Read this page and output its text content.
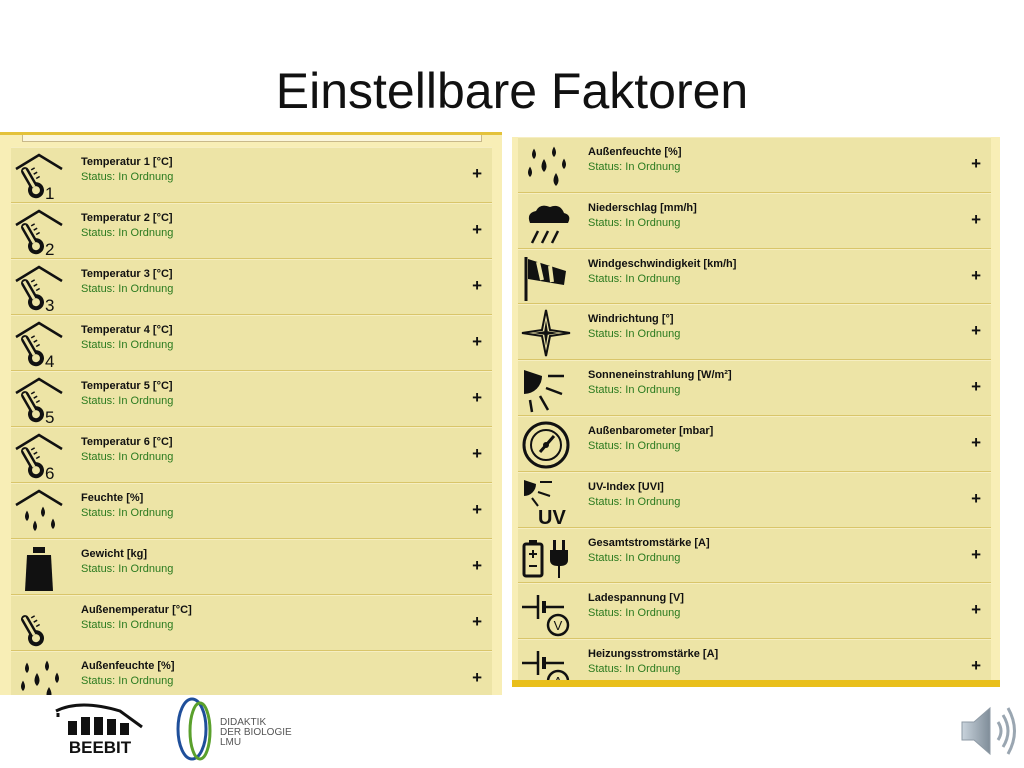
Einstellbare Faktoren
1
Temperatur 1 [°C]
Status: In Ordnung	+
2
Temperatur 2 [°C]
Status: In Ordnung	+
3
Temperatur 3 [°C]
Status: In Ordnung	+
4
Temperatur 4 [°C]
Status: In Ordnung	+
5
Temperatur 5 [°C]
Status: In Ordnung	+
6
Temperatur 6 [°C]
Status: In Ordnung	+
Feuchte [%]
Status: In Ordnung	+
Gewicht [kg]
Status: In Ordnung	+
Außenemperatur [°C]
Status: In Ordnung	+
Außenfeuchte [%]
Status: In Ordnung	+
Außenfeuchte [%]
Status: In Ordnung	+
Niederschlag [mm/h]
Status: In Ordnung	+
Windgeschwindigkeit [km/h]
Status: In Ordnung	+
Windrichtung [°]
Status: In Ordnung	+
Sonneneinstrahlung [W/m²]
Status: In Ordnung	+
Außenbarometer [mbar]
Status: In Ordnung	+
UV
UV-Index [UVI]
Status: In Ordnung	+
Gesamtstromstärke [A]
Status: In Ordnung	+
V
Ladespannung [V]
Status: In Ordnung	+
Heizungsstromstärke [A]
Status: In Ordnung	+
BEEBIT
DIDAKTIK
DER BIOLOGIE
LMU
